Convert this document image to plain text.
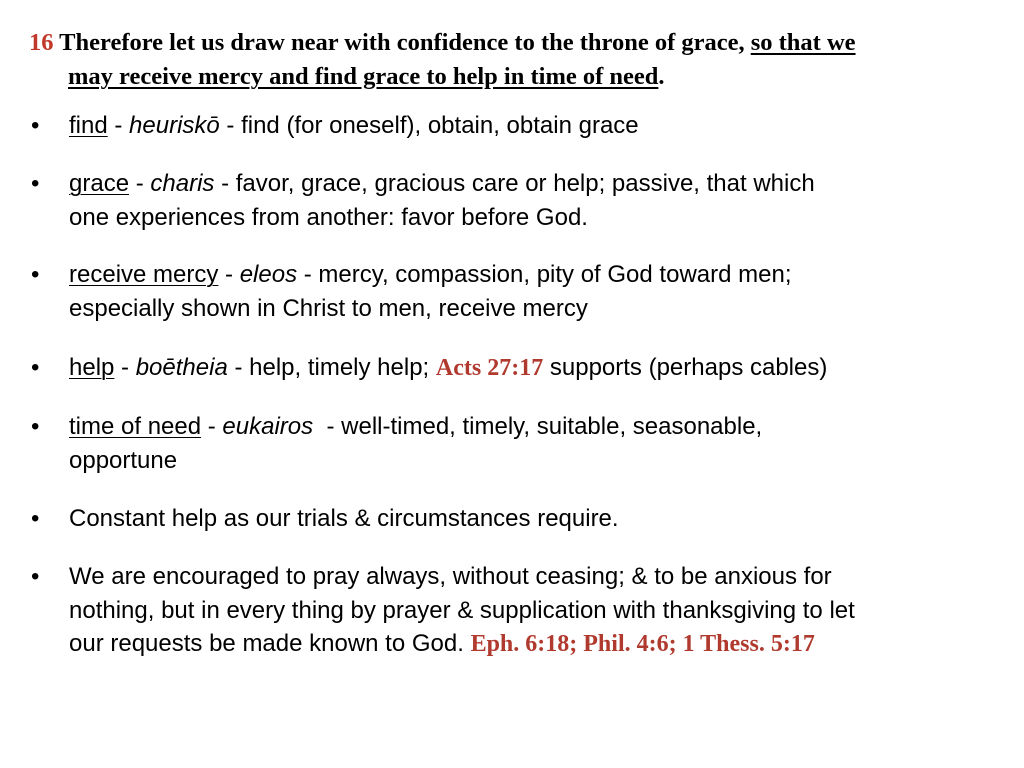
16 Therefore let us draw near with confidence to the throne of grace, so that we
may receive mercy and find grace to help in time of need.
• find - heuriskō - find (for oneself), obtain, obtain grace
• grace - charis - favor, grace, gracious care or help; passive, that which
one experiences from another: favor before God.
• receive mercy - eleos - mercy, compassion, pity of God toward men;
especially shown in Christ to men, receive mercy
• help - boētheia - help, timely help; Acts 27:17 supports (perhaps cables)
• time of need - eukairos  - well-timed, timely, suitable, seasonable,
opportune
• Constant help as our trials & circumstances require.
• We are encouraged to pray always, without ceasing; & to be anxious for
nothing, but in every thing by prayer & supplication with thanksgiving to let
our requests be made known to God. Eph. 6:18; Phil. 4:6; 1 Thess. 5:17
